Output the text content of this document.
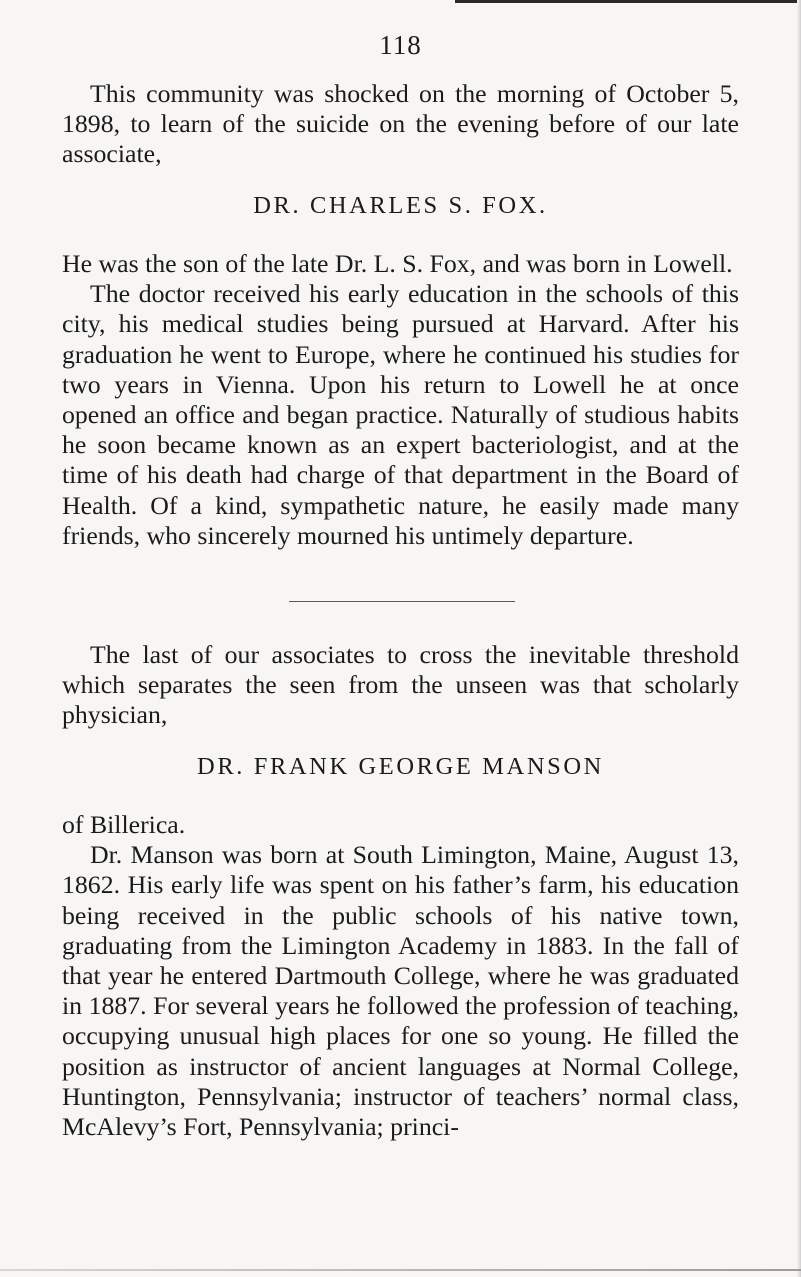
118

This community was shocked on the morning of October 5, 1898, to learn of the suicide on the evening before of our late associate,

DR. CHARLES S. FOX.

He was the son of the late Dr. L. S. Fox, and was born in Lowell.

The doctor received his early education in the schools of this city, his medical studies being pursued at Harvard. After his graduation he went to Europe, where he continued his studies for two years in Vienna. Upon his return to Lowell he at once opened an office and began practice. Naturally of studious habits he soon became known as an expert bacteriologist, and at the time of his death had charge of that department in the Board of Health. Of a kind, sympathetic nature, he easily made many friends, who sincerely mourned his untimely departure.

The last of our associates to cross the inevitable threshold which separates the seen from the unseen was that scholarly physician,

DR. FRANK GEORGE MANSON

of Billerica.

Dr. Manson was born at South Limington, Maine, August 13, 1862. His early life was spent on his father’s farm, his education being received in the public schools of his native town, graduating from the Limington Academy in 1883. In the fall of that year he entered Dartmouth College, where he was graduated in 1887. For several years he followed the profession of teaching, occupying unusual high places for one so young. He filled the position as instructor of ancient languages at Normal College, Huntington, Pennsylvania; instructor of teachers’ normal class, McAlevy’s Fort, Pennsylvania; princi-
